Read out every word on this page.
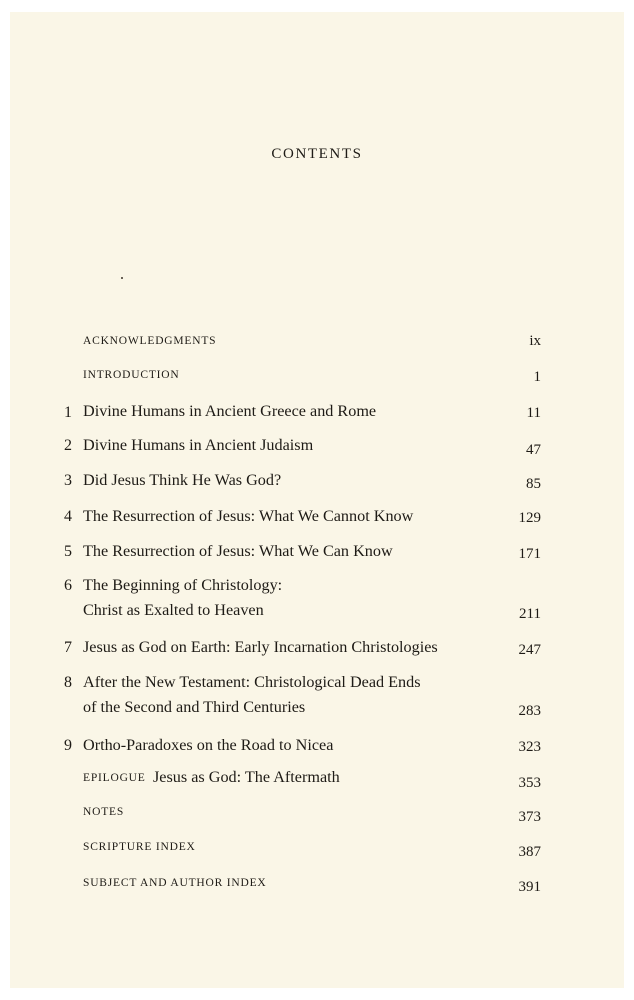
CONTENTS
ACKNOWLEDGMENTS	ix
INTRODUCTION	1
1 Divine Humans in Ancient Greece and Rome	11
2 Divine Humans in Ancient Judaism	47
3 Did Jesus Think He Was God?	85
4 The Resurrection of Jesus: What We Cannot Know	129
5 The Resurrection of Jesus: What We Can Know	171
6 The Beginning of Christology:
Christ as Exalted to Heaven	211
7 Jesus as God on Earth: Early Incarnation Christologies	247
8 After the New Testament: Christological Dead Ends
of the Second and Third Centuries	283
9 Ortho-Paradoxes on the Road to Nicea	323
EPILOGUE Jesus as God: The Aftermath	353
NOTES	373
SCRIPTURE INDEX	387
SUBJECT AND AUTHOR INDEX	391
